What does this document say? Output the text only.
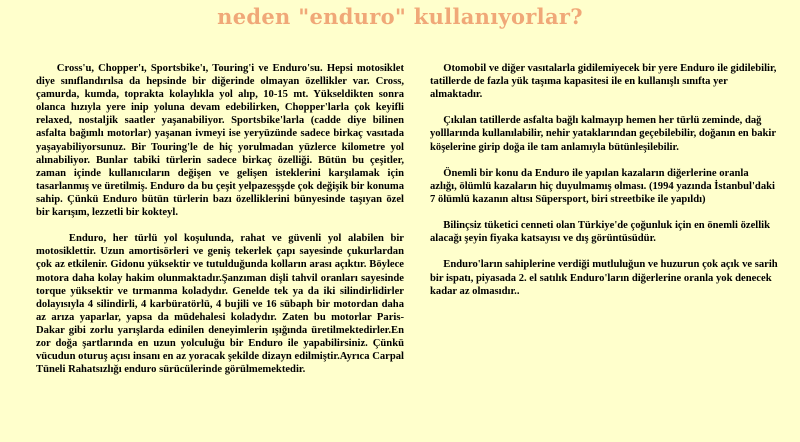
neden "enduro" kullanıyorlar?

Cross'u, Chopper'ı, Sportsbike'ı, Touring'i ve Enduro'su. Hepsi motosiklet diye sınıflandırılsa da hepsinde bir diğerinde olmayan özellikler var. Cross, çamurda, kumda, toprakta kolaylıkla yol alıp, 10-15 mt. Yükseldikten sonra olanca hızıyla yere inip yoluna devam edebilirken, Chopper'larla çok keyifli relaxed, nostaljik saatler yaşanabiliyor. Sportsbike'larla (cadde diye bilinen asfalta bağımlı motorlar) yaşanan ivmeyi ise yeryüzünde sadece birkaç vasıtada yaşayabiliyorsunuz. Bir Touring'le de hiç yorulmadan yüzlerce kilometre yol alınabiliyor. Bunlar tabiki türlerin sadece birkaç özelliği. Bütün bu çeşitler, zaman içinde kullanıcıların değişen ve gelişen isteklerini karşılamak için tasarlanmış ve üretilmiş. Enduro da bu çeşit yelpazesşşde çok değişik bir konuma sahip. Çünkü Enduro bütün türlerin bazı özelliklerini bünyesinde taşıyan özel bir karışım, lezzetli bir kokteyl.

Enduro, her türlü yol koşulunda, rahat ve güvenli yol alabilen bir motosiklettir. Uzun amortisörleri ve geniş tekerlek çapı sayesinde çukurlardan çok az etkilenir. Gidonu yüksektir ve tutulduğunda kolların arası açıktır. Böylece motora daha kolay hakim olunmaktadır.Şanzıman dişli tahvil oranları sayesinde torque yüksektir ve tırmanma koladydır. Genelde tek ya da iki silindirlidirler dolayısıyla 4 silindirli, 4 karbüratörlü, 4 bujili ve 16 sübaph bir motordan daha az arıza yaparlar, yapsa da müdehalesi koladydır. Zaten bu motorlar Paris-Dakar gibi zorlu yarışlarda edinilen deneyimlerin ışığında üretilmektedirler.En zor doğa şartlarında en uzun yolculuğu bir Enduro ile yapabilirsiniz. Çünkü vücudun oturuş açısı insanı en az yoracak şekilde dizayn edilmiştir.Ayrıca Carpal Tüneli Rahatsızlığı enduro sürücülerinde görülmemektedir.

Otomobil ve diğer vasıtalarla gidilemiyecek bir yere Enduro ile gidilebilir, tatillerde de fazla yük taşıma kapasitesi ile en kullanışlı sınıfta yer almaktadır.

Çıkılan tatillerde asfalta bağlı kalmayıp hemen her türlü zeminde, dağ yolllarında kullanılabilir, nehir yataklarından geçebilebilir, doğanın en bakir köşelerine girip doğa ile tam anlamıyla bütünleşilebilir.

Önemli bir konu da Enduro ile yapılan kazaların diğerlerine oranla azlığı, ölümlü kazaların hiç duyulmamış olması. (1994 yazında İstanbul'daki 7 ölümlü kazanın altısı Süpersport, biri streetbike ile yapıldı)

Bilinçsiz tüketici cenneti olan Türkiye'de çoğunluk için en önemli özellik alacağı şeyin fiyaka katsayısı ve dış görüntüsüdür.

Enduro'ların sahiplerine verdiği mutluluğun ve huzurun çok açık ve sarih bir ispatı, piyasada 2. el satılık Enduro'ların diğerlerine oranla yok denecek kadar az olmasıdır..
